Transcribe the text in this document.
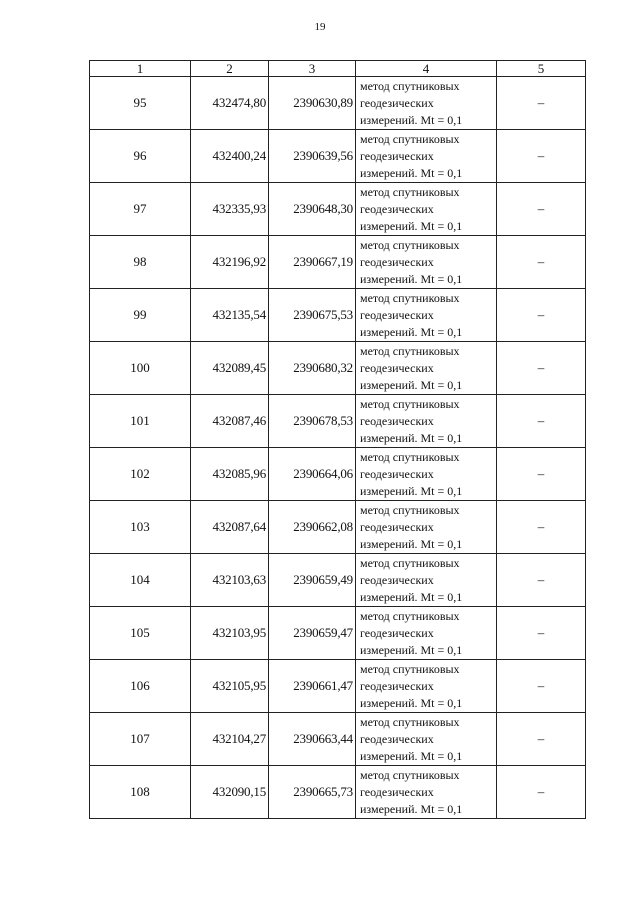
19
1	2	3	4	5
95	432474,80	2390630,89	метод спутниковых
геодезических
измерений. Mt = 0,1	–
96	432400,24	2390639,56	метод спутниковых
геодезических
измерений. Mt = 0,1	–
97	432335,93	2390648,30	метод спутниковых
геодезических
измерений. Mt = 0,1	–
98	432196,92	2390667,19	метод спутниковых
геодезических
измерений. Mt = 0,1	–
99	432135,54	2390675,53	метод спутниковых
геодезических
измерений. Mt = 0,1	–
100	432089,45	2390680,32	метод спутниковых
геодезических
измерений. Mt = 0,1	–
101	432087,46	2390678,53	метод спутниковых
геодезических
измерений. Mt = 0,1	–
102	432085,96	2390664,06	метод спутниковых
геодезических
измерений. Mt = 0,1	–
103	432087,64	2390662,08	метод спутниковых
геодезических
измерений. Mt = 0,1	–
104	432103,63	2390659,49	метод спутниковых
геодезических
измерений. Mt = 0,1	–
105	432103,95	2390659,47	метод спутниковых
геодезических
измерений. Mt = 0,1	–
106	432105,95	2390661,47	метод спутниковых
геодезических
измерений. Mt = 0,1	–
107	432104,27	2390663,44	метод спутниковых
геодезических
измерений. Mt = 0,1	–
108	432090,15	2390665,73	метод спутниковых
геодезических
измерений. Mt = 0,1	–
